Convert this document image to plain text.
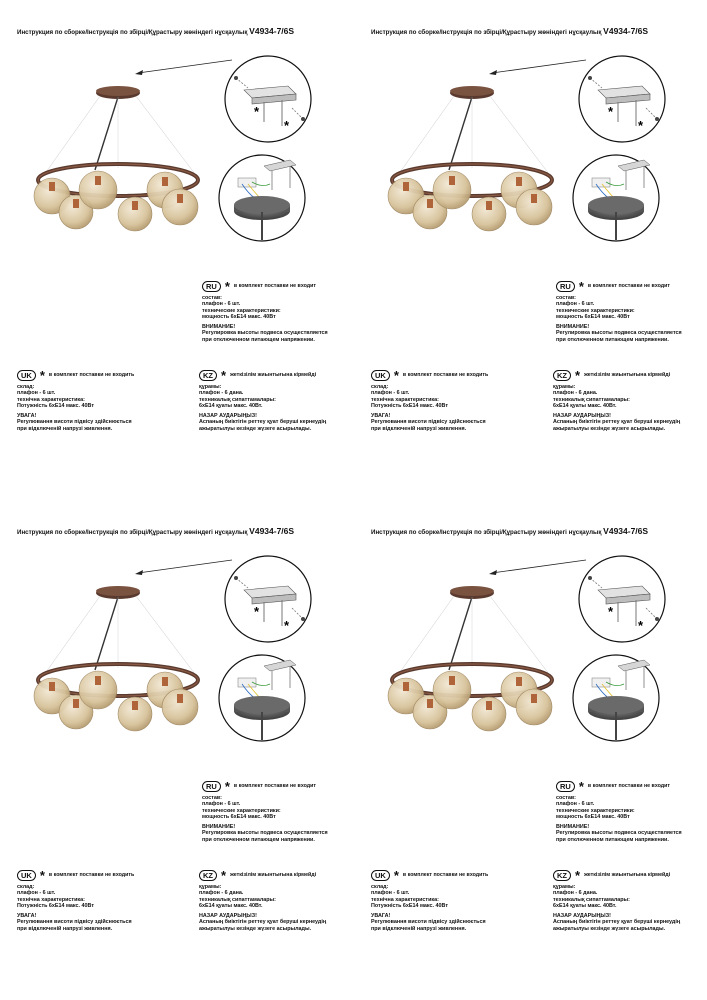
Инструкция по сборке/Інструкція по збірці/Құрастыру жөніндегі нұсқаулық V4934-7/6S
*
*
RU * в комплект поставки не входит
состав:
плафон - 6 шт.
технические характеристики:
мощность 6хЕ14 макс. 40Вт
ВНИМАНИЕ!
Регулировка высоты подвеса осуществляется
при отключенном питающем напряжении.
UK * в комплект поставки не входить
склад:
плафон - 6 шт.
технічна характеристика:
Потужність 6хЕ14 макс. 40Вт
УВАГА!
Регулювання висоти підвісу здійснюється
при відключеній напрузі живлення.
KZ * жеткізілім жиынтығына кірмейді
құрамы:
плафон - 6 дана.
техникалық сипаттамалары:
6хЕ14 қуаты макс. 40Вт.
НАЗАР АУДАРЫҢЫЗ!
Аспаның биіктігін реттеу қуат беруші кернеудің
ажыратылуы кезінде жүзеге асырылады.
Инструкция по сборке/Інструкція по збірці/Құрастыру жөніндегі нұсқаулық V4934-7/6S
*
*
RU * в комплект поставки не входит
состав:
плафон - 6 шт.
технические характеристики:
мощность 6хЕ14 макс. 40Вт
ВНИМАНИЕ!
Регулировка высоты подвеса осуществляется
при отключенном питающем напряжении.
UK * в комплект поставки не входить
склад:
плафон - 6 шт.
технічна характеристика:
Потужність 6хЕ14 макс. 40Вт
УВАГА!
Регулювання висоти підвісу здійснюється
при відключеній напрузі живлення.
KZ * жеткізілім жиынтығына кірмейді
құрамы:
плафон - 6 дана.
техникалық сипаттамалары:
6хЕ14 қуаты макс. 40Вт.
НАЗАР АУДАРЫҢЫЗ!
Аспаның биіктігін реттеу қуат беруші кернеудің
ажыратылуы кезінде жүзеге асырылады.
Инструкция по сборке/Інструкція по збірці/Құрастыру жөніндегі нұсқаулық V4934-7/6S
*
*
RU * в комплект поставки не входит
состав:
плафон - 6 шт.
технические характеристики:
мощность 6хЕ14 макс. 40Вт
ВНИМАНИЕ!
Регулировка высоты подвеса осуществляется
при отключенном питающем напряжении.
UK * в комплект поставки не входить
склад:
плафон - 6 шт.
технічна характеристика:
Потужність 6хЕ14 макс. 40Вт
УВАГА!
Регулювання висоти підвісу здійснюється
при відключеній напрузі живлення.
KZ * жеткізілім жиынтығына кірмейді
құрамы:
плафон - 6 дана.
техникалық сипаттамалары:
6хЕ14 қуаты макс. 40Вт.
НАЗАР АУДАРЫҢЫЗ!
Аспаның биіктігін реттеу қуат беруші кернеудің
ажыратылуы кезінде жүзеге асырылады.
Инструкция по сборке/Інструкція по збірці/Құрастыру жөніндегі нұсқаулық V4934-7/6S
*
*
RU * в комплект поставки не входит
состав:
плафон - 6 шт.
технические характеристики:
мощность 6хЕ14 макс. 40Вт
ВНИМАНИЕ!
Регулировка высоты подвеса осуществляется
при отключенном питающем напряжении.
UK * в комплект поставки не входить
склад:
плафон - 6 шт.
технічна характеристика:
Потужність 6хЕ14 макс. 40Вт
УВАГА!
Регулювання висоти підвісу здійснюється
при відключеній напрузі живлення.
KZ * жеткізілім жиынтығына кірмейді
құрамы:
плафон - 6 дана.
техникалық сипаттамалары:
6хЕ14 қуаты макс. 40Вт.
НАЗАР АУДАРЫҢЫЗ!
Аспаның биіктігін реттеу қуат беруші кернеудің
ажыратылуы кезінде жүзеге асырылады.
